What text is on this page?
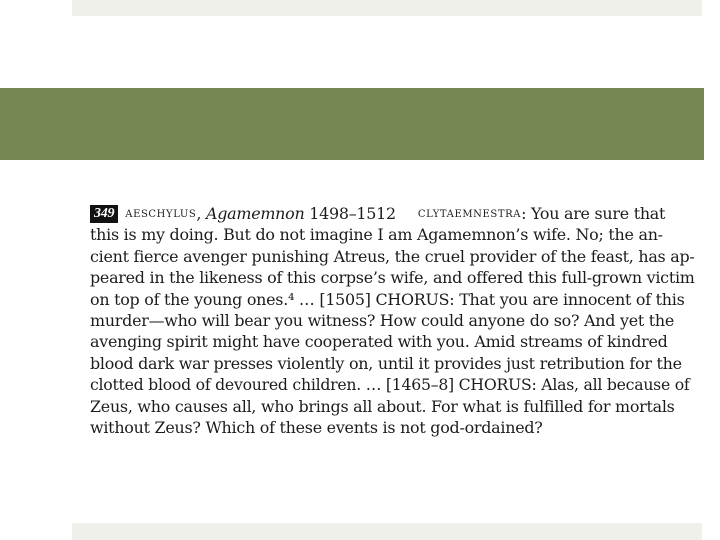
349 aeschylus ,
Agamemnon
1498–1512 clytaemnestra : You are sure that
this is my doing. But do not imagine I am Agamemnon’s wife. No; the an-
cient fierce avenger punishing Atreus, the cruel provider of the feast, has ap-
peared in the likeness of this corpse’s wife, and offered this full-grown victim
on top of the young ones.⁴ … [1505] CHORUS: That you are innocent of this
murder—who will bear you witness? How could anyone do so? And yet the
avenging spirit might have cooperated with you. Amid streams of kindred
blood dark war presses violently on, until it provides just retribution for the
clotted blood of devoured children. … [1465–8] CHORUS: Alas, all because of
Zeus, who causes all, who brings all about. For what is fulfilled for mortals
without Zeus? Which of these events is not god-ordained?
